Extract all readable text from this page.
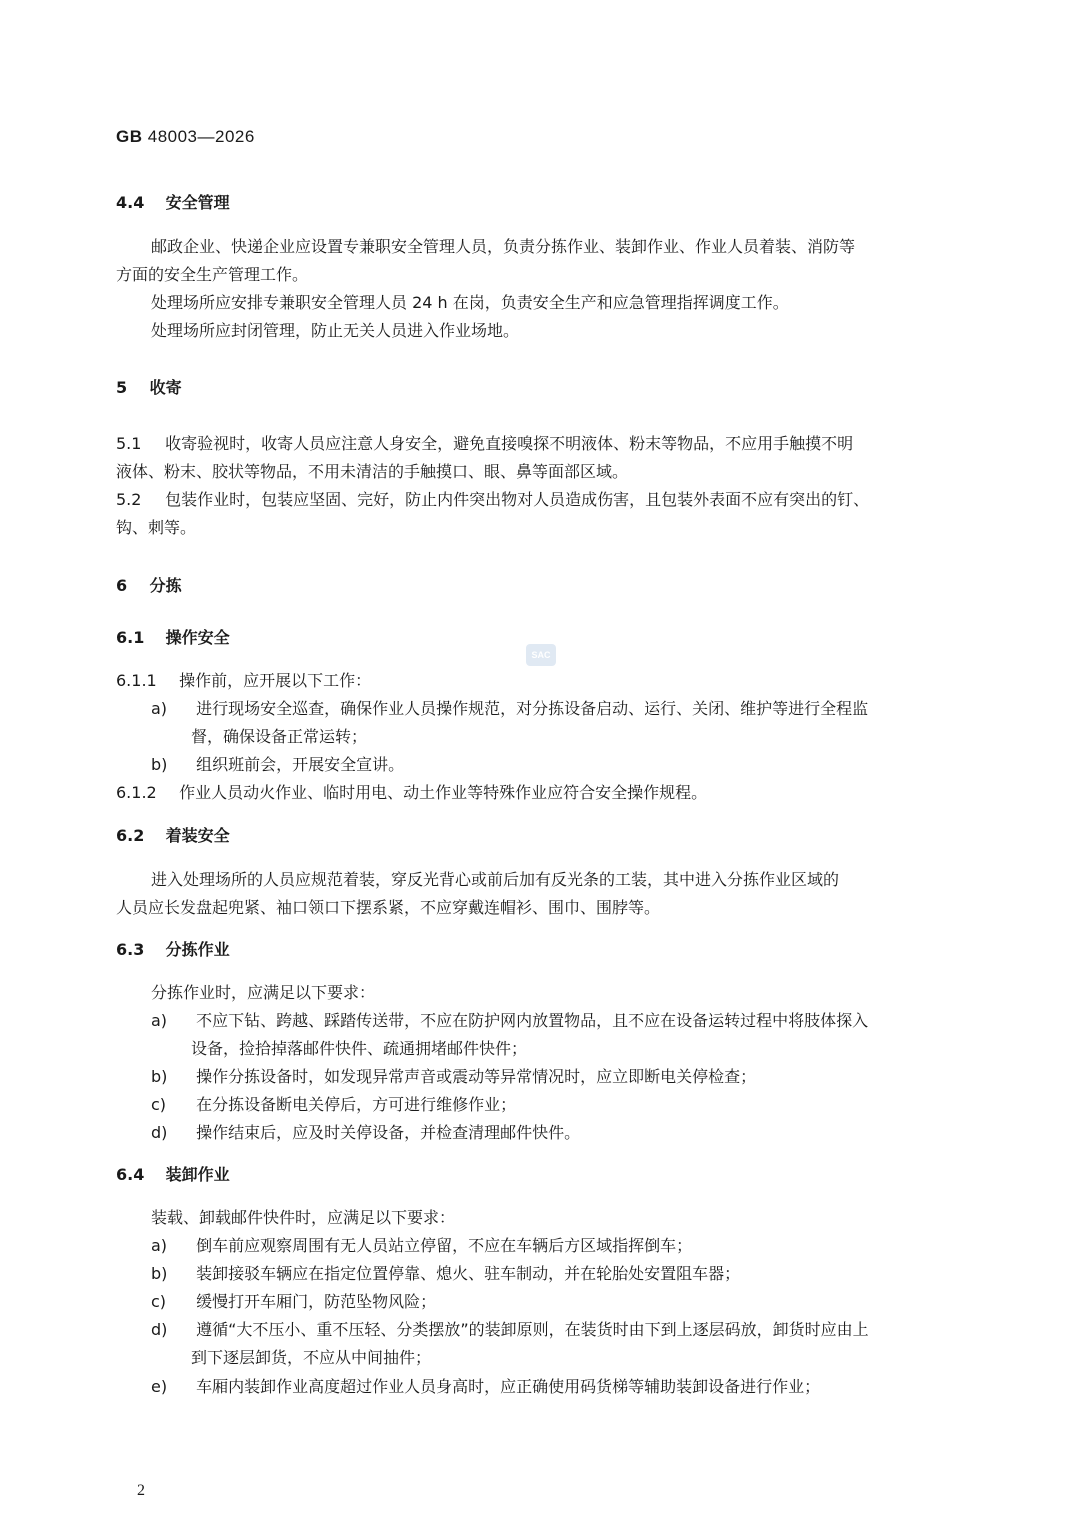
GB 48003—2026
4.4 安全管理
邮政企业、快递企业应设置专兼职安全管理人员，负责分拣作业、装卸作业、作业人员着装、消防等
方面的安全生产管理工作。
处理场所应安排专兼职安全管理人员 24 h 在岗，负责安全生产和应急管理指挥调度工作。
处理场所应封闭管理，防止无关人员进入作业场地。
5 收寄
5.1 收寄验视时，收寄人员应注意人身安全，避免直接嗅探不明液体、粉末等物品，不应用手触摸不明
液体、粉末、胶状等物品，不用未清洁的手触摸口、眼、鼻等面部区域。
5.2 包装作业时，包装应坚固、完好，防止内件突出物对人员造成伤害，且包装外表面不应有突出的钉、
钩、刺等。
6 分拣
6.1 操作安全
SAC
6.1.1 操作前，应开展以下工作：
a) 进行现场安全巡查，确保作业人员操作规范，对分拣设备启动、运行、关闭、维护等进行全程监
督，确保设备正常运转；
b) 组织班前会，开展安全宣讲。
6.1.2 作业人员动火作业、临时用电、动土作业等特殊作业应符合安全操作规程。
6.2 着装安全
进入处理场所的人员应规范着装，穿反光背心或前后加有反光条的工装，其中进入分拣作业区域的
人员应长发盘起兜紧、袖口领口下摆系紧，不应穿戴连帽衫、围巾、围脖等。
6.3 分拣作业
分拣作业时，应满足以下要求：
a) 不应下钻、跨越、踩踏传送带，不应在防护网内放置物品，且不应在设备运转过程中将肢体探入
设备，捡拾掉落邮件快件、疏通拥堵邮件快件；
b) 操作分拣设备时，如发现异常声音或震动等异常情况时，应立即断电关停检查；
c) 在分拣设备断电关停后，方可进行维修作业；
d) 操作结束后，应及时关停设备，并检查清理邮件快件。
6.4 装卸作业
装载、卸载邮件快件时，应满足以下要求：
a) 倒车前应观察周围有无人员站立停留，不应在车辆后方区域指挥倒车；
b) 装卸接驳车辆应在指定位置停靠、熄火、驻车制动，并在轮胎处安置阻车器；
c) 缓慢打开车厢门，防范坠物风险；
d) 遵循“大不压小、重不压轻、分类摆放”的装卸原则，在装货时由下到上逐层码放，卸货时应由上
到下逐层卸货，不应从中间抽件；
e) 车厢内装卸作业高度超过作业人员身高时，应正确使用码货梯等辅助装卸设备进行作业；
2
